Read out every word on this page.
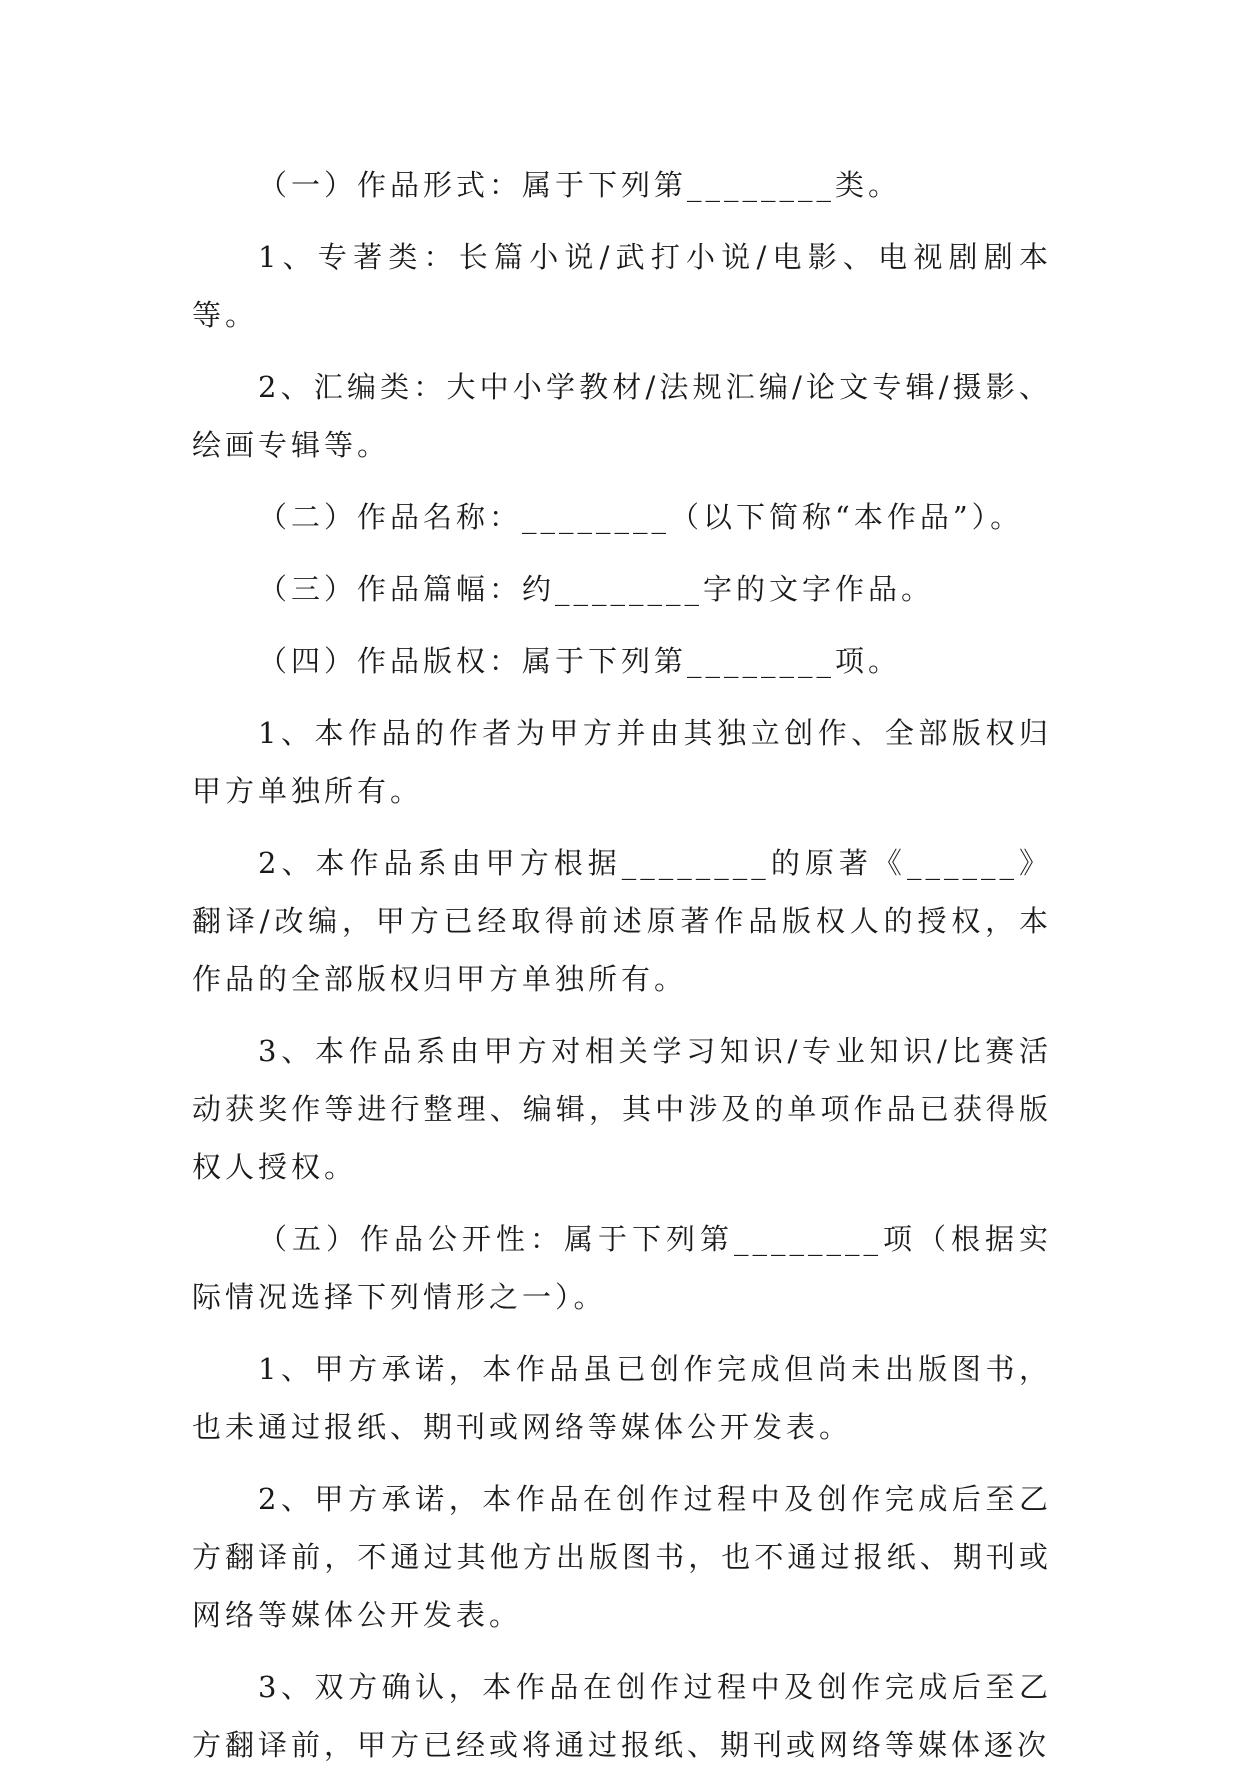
（一）作品形式：属于下列第________类。

1、专著类：长篇小说/武打小说/电影、电视剧剧本等。

2、汇编类：大中小学教材/法规汇编/论文专辑/摄影、绘画专辑等。

（二）作品名称：________（以下简称“本作品”）。

（三）作品篇幅：约________字的文字作品。

（四）作品版权：属于下列第________项。

1、本作品的作者为甲方并由其独立创作、全部版权归甲方单独所有。

2、本作品系由甲方根据________的原著《______》翻译/改编，甲方已经取得前述原著作品版权人的授权，本作品的全部版权归甲方单独所有。

3、本作品系由甲方对相关学习知识/专业知识/比赛活动获奖作等进行整理、编辑，其中涉及的单项作品已获得版权人授权。

（五）作品公开性：属于下列第________项（根据实际情况选择下列情形之一）。

1、甲方承诺，本作品虽已创作完成但尚未出版图书，也未通过报纸、期刊或网络等媒体公开发表。

2、甲方承诺，本作品在创作过程中及创作完成后至乙方翻译前，不通过其他方出版图书，也不通过报纸、期刊或网络等媒体公开发表。

3、双方确认，本作品在创作过程中及创作完成后至乙方翻译前，甲方已经或将通过报纸、期刊或网络等媒体逐次
